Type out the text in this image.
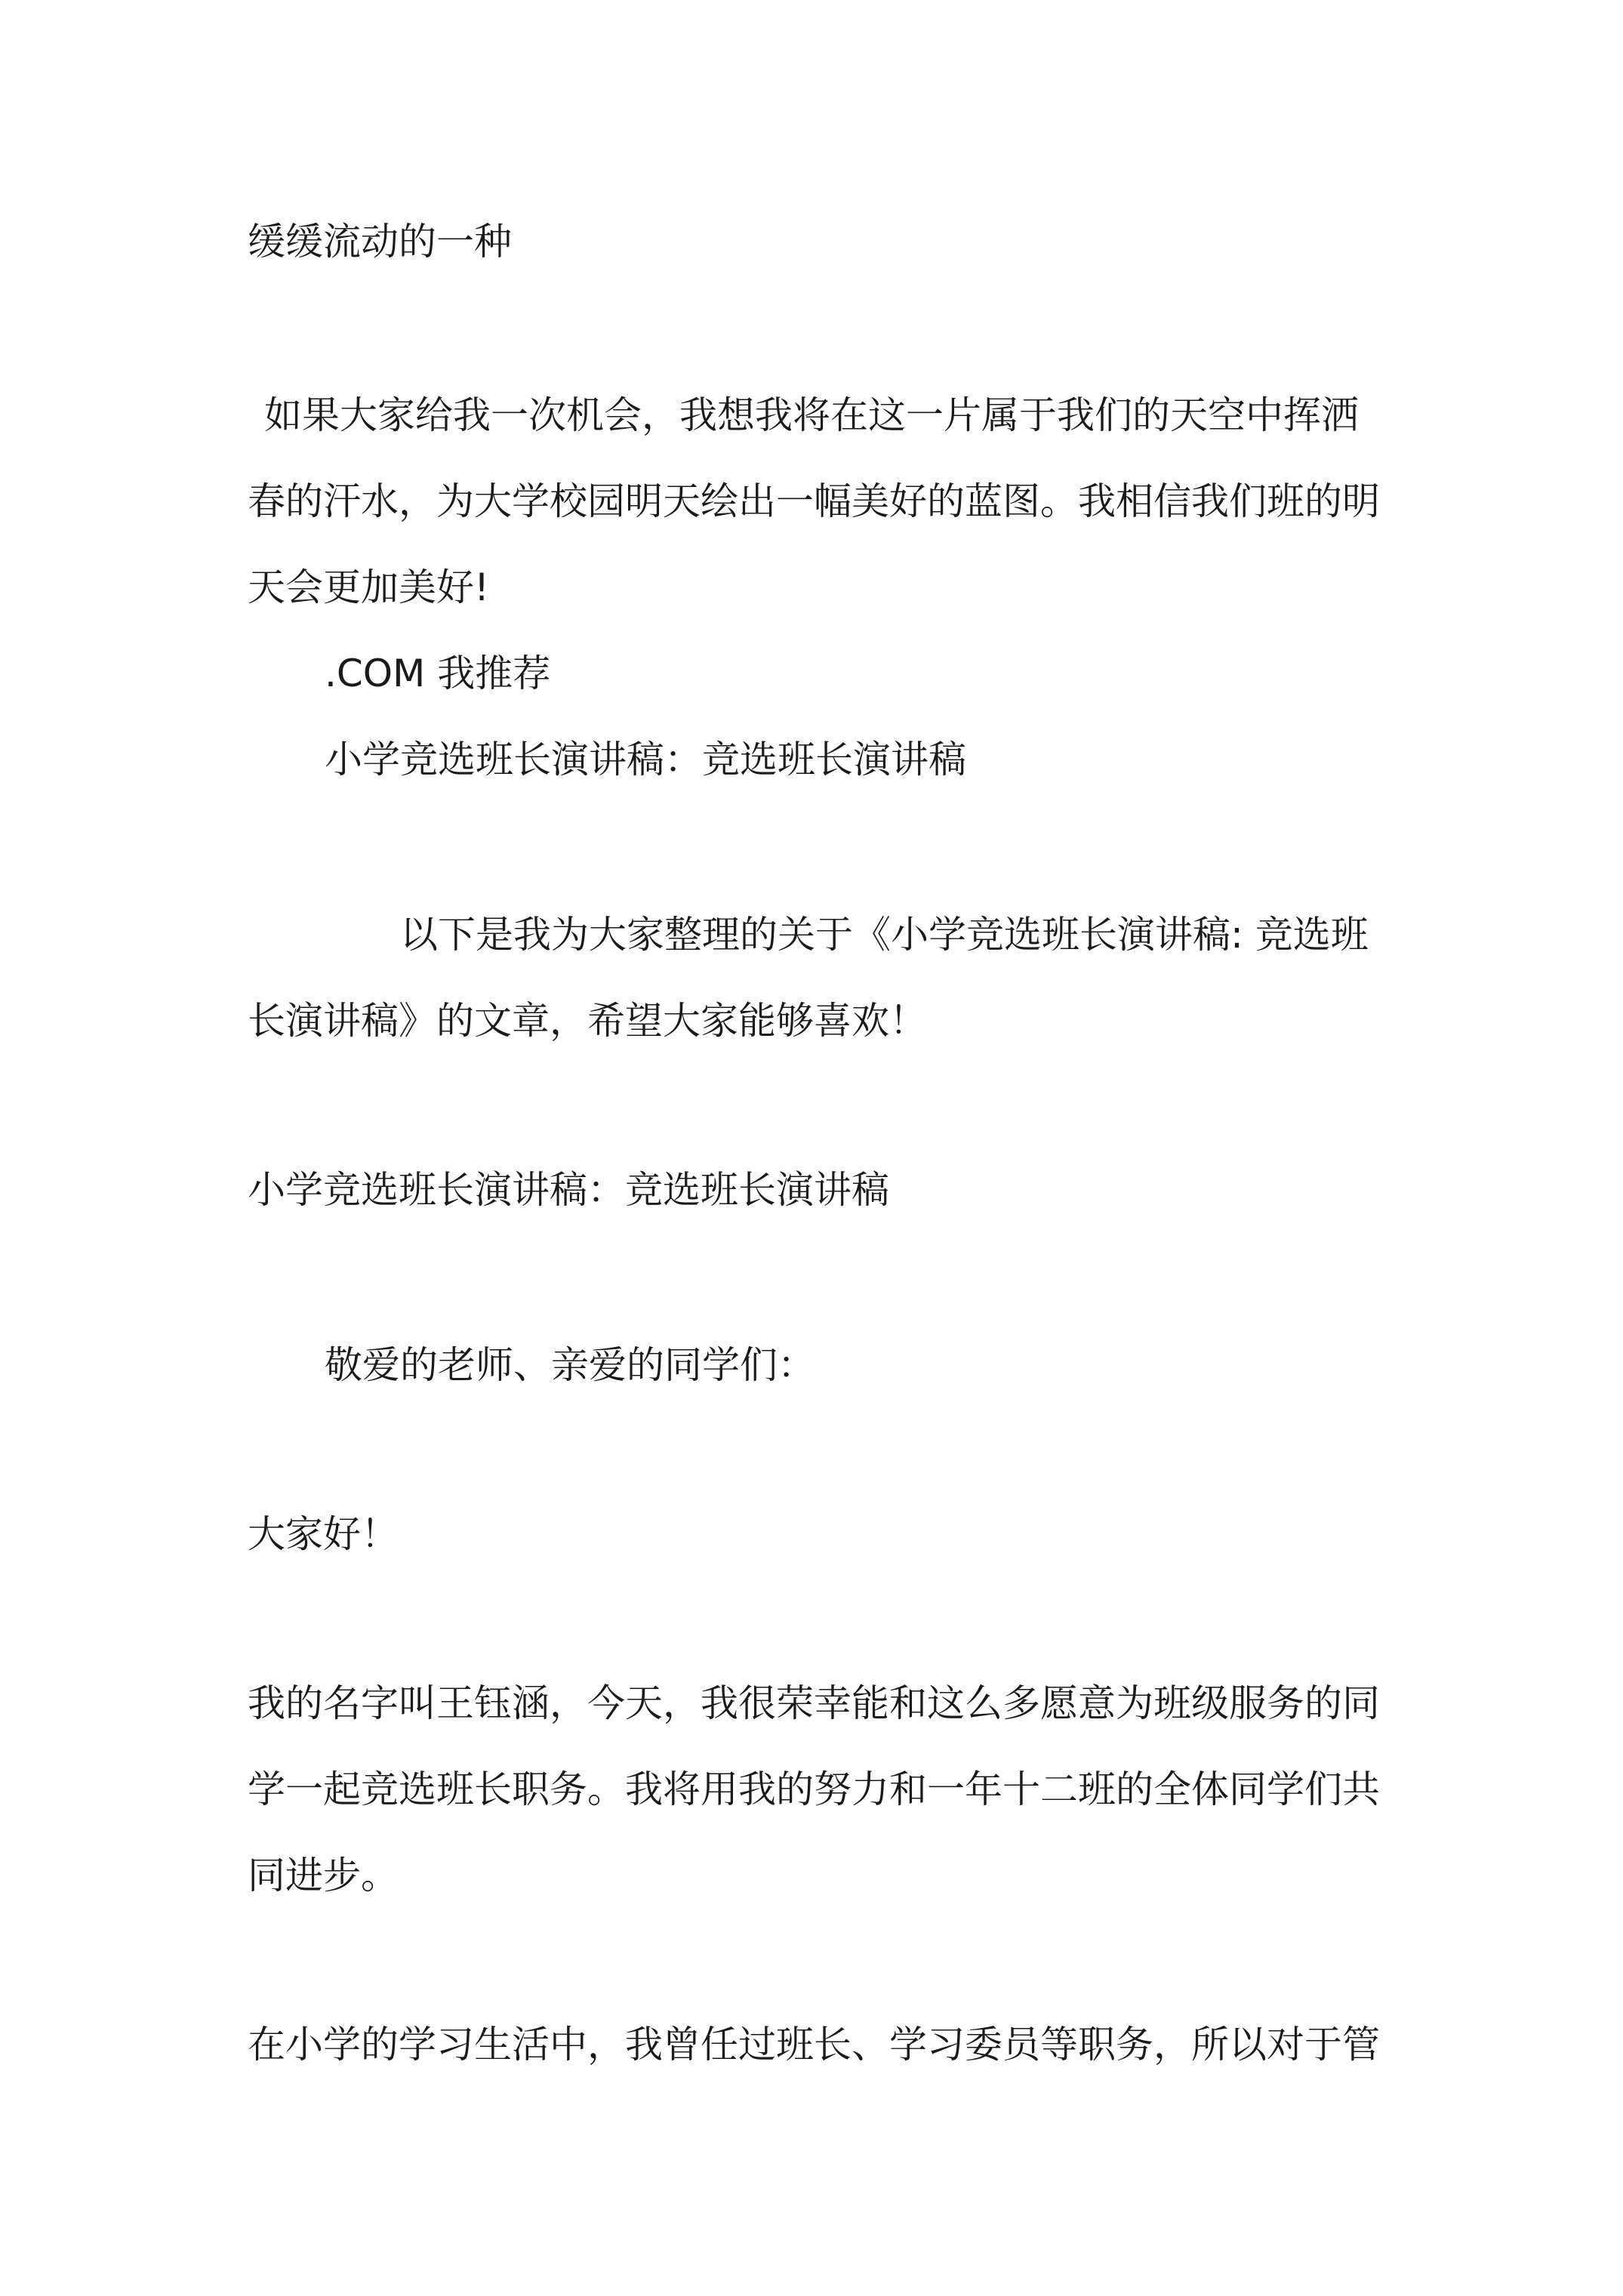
缓缓流动的一种
如果大家给我一次机会，我想我将在这一片属于我们的天空中挥洒
春的汗水，为大学校园明天绘出一幅美好的蓝图。我相信我们班的明
天会更加美好!
.COM 我推荐
小学竞选班长演讲稿：竞选班长演讲稿
以下是我为大家整理的关于《小学竞选班长演讲稿: 竞选班
长演讲稿》的文章，希望大家能够喜欢！
小学竞选班长演讲稿：竞选班长演讲稿
敬爱的老师、亲爱的同学们：
大家好！
我的名字叫王钰涵，今天，我很荣幸能和这么多愿意为班级服务的同
学一起竞选班长职务。我将用我的努力和一年十二班的全体同学们共
同进步。
在小学的学习生活中，我曾任过班长、学习委员等职务，所以对于管
